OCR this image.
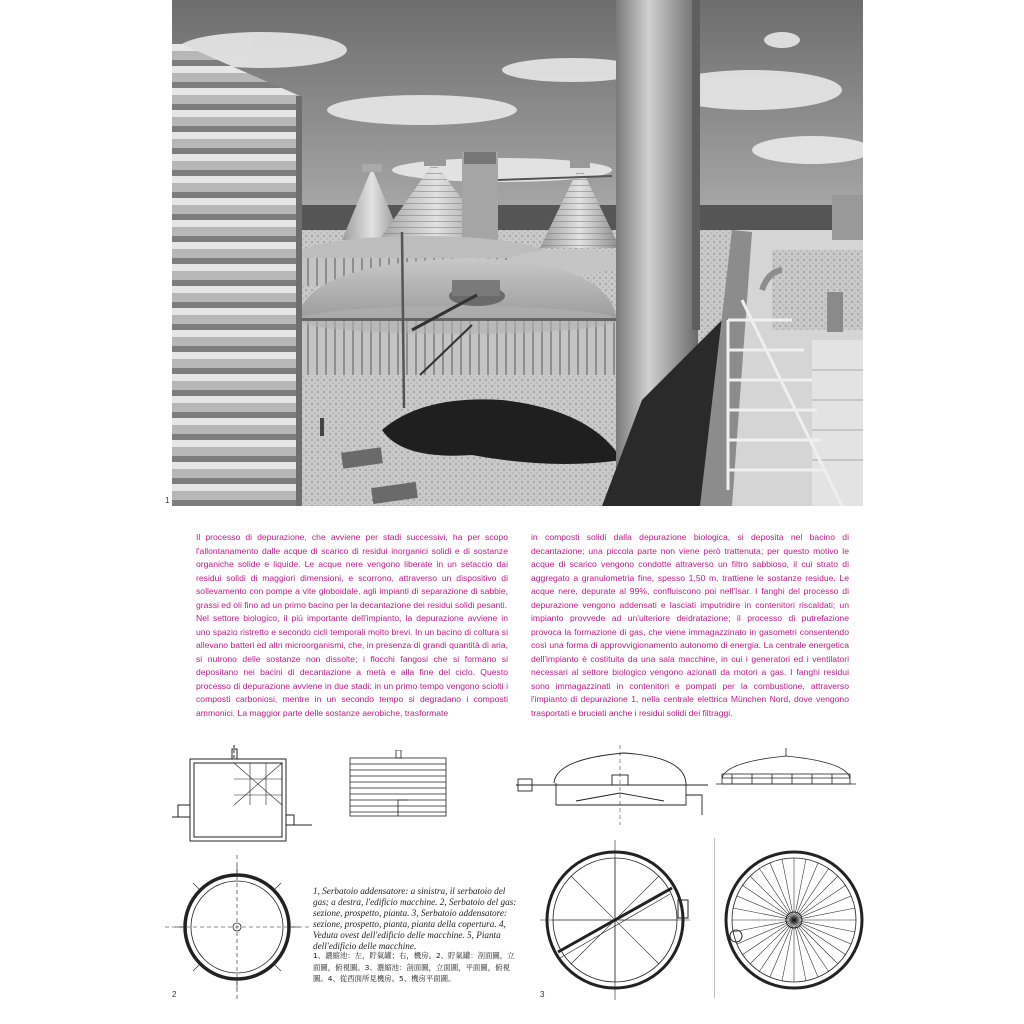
1

Il processo di depurazione, che avviene per stadi successivi, ha per scopo l'allontanamento dalle acque di scarico di residui inorganici solidi e di sostanze organiche solide e liquide. Le acque nere vengono liberate in un setaccio dai residui solidi di maggiori dimensioni, e scorrono, attraverso un dispositivo di sollevamento con pompe a vite globoidale, agli impianti di separazione di sabbie, grassi ed oli fino ad un primo bacino per la decantazione dei residui solidi pesanti.

Nel settore biologico, il più importante dell'impianto, la depurazione avviene in uno spazio ristretto e secondo cicli temporali molto brevi. In un bacino di coltura si allevano batteri ed altri microorganismi, che, in presenza di grandi quantità di aria, si nutrono delle sostanze non dissolte; i flocchi fangosi che si formano si depositano nei bacini di decantazione a metà e alla fine del ciclo. Questo processo di depurazione avviene in due stadi: in un primo tempo vengono sciolti i composti carboniosi, mentre in un secondo tempo si degradano i composti ammonici. La maggior parte delle sostanze aerobiche, trasformate

in composti solidi dalla depurazione biologica, si deposita nel bacino di decantazione; una piccola parte non viene però trattenuta; per questo motivo le acque di scarico vengono condotte attraverso un filtro sabbioso, il cui strato di aggregato a granulometria fine, spesso 1,50 m, trattiene le sostanze residue. Le acque nere, depurate al 99%, confluiscono poi nell'Isar. I fanghi del processo di depurazione vengono addensati e lasciati imputridire in contenitori riscaldati; un impianto provvede ad un'ulteriore deidratazione; il processo di putrefazione provoca la formazione di gas, che viene immagazzinato in gasometri consentendo così una forma di approvvigionamento autonomo di energia. La centrale energetica dell'impianto è costituita da una sala macchine, in cui i generatori ed i ventilatori necessari al settore biologico vengono azionati da motori a gas. I fanghi residui sono immagazzinati in contenitori e pompati per la combustione, attraverso l'impianto di depurazione 1, nella centrale elettrica München Nord, dove vengono trasportati e bruciati anche i residui solidi dei filtraggi.

2
1, Serbatoio addensatore: a sinistra, il serbatoio del gas; a destra, l'edificio macchine. 2, Serbatoio del gas: sezione, prospetto, pianta. 3, Serbatoio addensatore: sezione, prospetto, pianta, pianta della copertura. 4, Veduta ovest dell'edificio delle macchine. 5, Pianta dell'edificio delle macchine.
1、濃縮池：左，貯氣罐；右，機房。2、貯氣罐：剖面圖，立面圖，俯視圖。3、濃縮池：剖面圖，立面圖，平面圖，俯視圖。4、從西面所見機房。5、機房平面圖。
3
